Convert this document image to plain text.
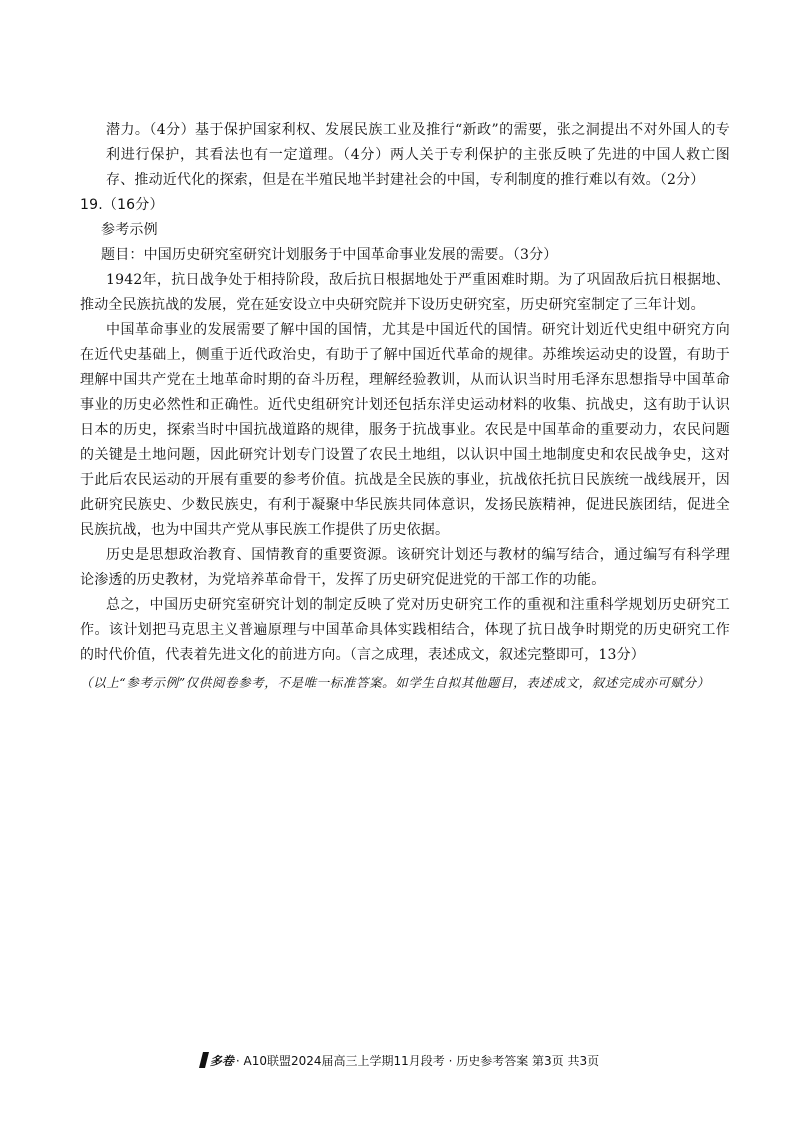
潜力。（4分）基于保护国家利权、发展民族工业及推行“新政”的需要，张之洞提出不对外国人的专利进行保护，其看法也有一定道理。（4分）两人关于专利保护的主张反映了先进的中国人救亡图存、推动近代化的探索，但是在半殖民地半封建社会的中国，专利制度的推行难以有效。（2分）

19.（16分）

参考示例

题目：中国历史研究室研究计划服务于中国革命事业发展的需要。（3分）

1942年，抗日战争处于相持阶段，敌后抗日根据地处于严重困难时期。为了巩固敌后抗日根据地、推动全民族抗战的发展，党在延安设立中央研究院并下设历史研究室，历史研究室制定了三年计划。

中国革命事业的发展需要了解中国的国情，尤其是中国近代的国情。研究计划近代史组中研究方向在近代史基础上，侧重于近代政治史，有助于了解中国近代革命的规律。苏维埃运动史的设置，有助于理解中国共产党在土地革命时期的奋斗历程，理解经验教训，从而认识当时用毛泽东思想指导中国革命事业的历史必然性和正确性。近代史组研究计划还包括东洋史运动材料的收集、抗战史，这有助于认识日本的历史，探索当时中国抗战道路的规律，服务于抗战事业。农民是中国革命的重要动力，农民问题的关键是土地问题，因此研究计划专门设置了农民土地组，以认识中国土地制度史和农民战争史，这对于此后农民运动的开展有重要的参考价值。抗战是全民族的事业，抗战依托抗日民族统一战线展开，因此研究民族史、少数民族史，有利于凝聚中华民族共同体意识，发扬民族精神，促进民族团结，促进全民族抗战，也为中国共产党从事民族工作提供了历史依据。

历史是思想政治教育、国情教育的重要资源。该研究计划还与教材的编写结合，通过编写有科学理论渗透的历史教材，为党培养革命骨干，发挥了历史研究促进党的干部工作的功能。

总之，中国历史研究室研究计划的制定反映了党对历史研究工作的重视和注重科学规划历史研究工作。该计划把马克思主义普遍原理与中国革命具体实践相结合，体现了抗日战争时期党的历史研究工作的时代价值，代表着先进文化的前进方向。（言之成理，表述成文，叙述完整即可，13分）

（以上“参考示例”仅供阅卷参考，不是唯一标准答案。如学生自拟其他题目，表述成文，叙述完成亦可赋分）

多卷 · A10联盟2024届高三上学期11月段考 · 历史参考答案 第3页 共3页
